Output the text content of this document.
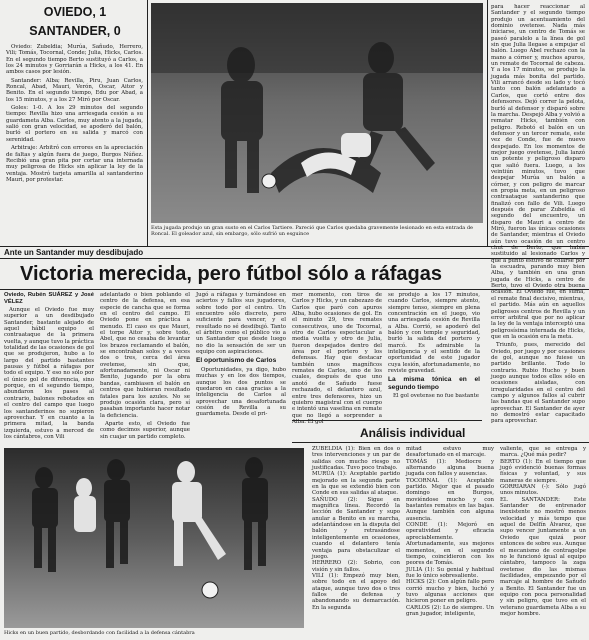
OVIEDO, 1
SANTANDER, 0

Oviedo: Zubeldia; Murúa, Sañudo, Herrero, Vili; Tomás, Tocornal, Conde; Julia, Hicks, Carlos. En el segundo tiempo Berto sustituyó a Carlos, a los 24 minutos y Gorriarán a Hicks, a los 41. En ambos casos por lesión.

Santander: Alba; Revilla, Piru, Juan Carlos, Roncal, Abad, Mauri, Verón, Oscar, Aitor y Benito. En el segundo tiempo, Edu por Abad, a los 15 minutos, y a los 27 Miró por Oscar.

Goles: 1-0. A los 29 minutos del segundo tiempo: Revilla hizo una arriesgada cesión a su guardameta Alba. Carlos, muy atento a la jugada, salió con gran velocidad, se apoderó del balón, burló el portero en su salida y marcó con serenidad.

Arbitraje: Arbitró con errores en la apreciación de faltas y algún fuera de juego, Burgos Núñez. Recibió una gran pita por cortar una internada muy peligrosa de Hicks sin aplicar la ley de la ventaja. Mostró tarjeta amarilla al santanderino Mauri, por protestar.

Esta jugada produjo un gran susto en el Carlos Tartiere. Pareció que Carlos quedaba gravemente lesionado en esta entrada de Roncal. El goleador azul, sin embargo, sólo sufrió un esguince

para hacer reaccionar al Santander y el segundo tiempo produjo un acentuamiento del dominio ovetense. Nada más iniciarse, un centro de Tomás se paseó paralelo a la línea de gol sin que Julia llegase a empujar el balón. Luego Abel rechazó con la mano a córner y, muchos apuros, un remate de Tocornal de cabeza. Y a los 17 minutos, se produjo la jugada más bonita del partido. Vili arrancó desde su lado y tocó tanto con balón adelantado a Carlos, que cortó entre dos defensores. Dejó correr la pelota, burló al defensor y disparó sobre la marcha. Despejó Alba y volvió a rematar Hicks, también con peligro. Rebotó el balón en un defensor y un tercer remate, este vez de Conde, fue de nuevo despejado. En los momentos de mejor juego ovetense, Julia lanzó un potente y peligroso disparo que salió fuera. Luego, a los veintiún minutos, tuvo que despejar Murúa un balón a córner, y con peligro de marcar en propia meta, en un peligroso contraataque santanderino que finalizó con fallo de Vili. Luego después de parar Zubeldía el segundo del encuentro, un disparo de Mauri a centro de Miró, fueron las únicas ocasiones de Santander, mientras el Oviedo aún tuvo ocasión de un centro chut de Berto, que había sustituido al lesionado Carlos y que a punto estuvo de colarse por la escuadra, parando muy bien Alba, y también en una gran jugada de Hicks, a centro de Berto, tuvo el Oviedo otra buena ocasión. El Oviedo fue, en suma, el remate final decisivo, mientras, el partido. Más aún en aquellos peligrosos centros de Revilla y un error arbitral que por no aplicar la ley de la ventaja interceptó una peligrosísima internada de Hicks, que en la ocasión era la meta.

Triunfo, pues, merecido del Oviedo, por juego y por ocasiones de gol, aunque no fuiese un partido brillante. Todo lo contrario. Rubio Hucho y buen juego aunque todos ellos sólo en ocasiones aisladas, con irregularidades en el centro del campo y algunos fallos al cubrir las bandas que el Santander supo aprovechar. El Santander de ayer no demostró estar capacitado para aprovechar.

Ante un Santander muy desdibujado
Victoria merecida, pero fútbol sólo a ráfagas

Oviedo, Rubén SUÁREZ y José VÉLEZ

Aunque el Oviedo fue muy superior a un desdibujado Santander, bastante alejado de aquel hábil equipo el contraataque de la primera vuelta, y aunque tuvo la práctica totalidad de las ocasiones de gol que se produjeron, hubo a lo largo del partido bastantes pausas y fútbol a ráfagas por todo el equipo. Y eso no sólo por el único gol de diferencia, sino porque, en el segundo tiempo, abundaron los pases al contrario, balones rebotados en el centro del campo que luego los santanderinos no supieron aprovechar. Y en cuanto a la primera mitad, la banda izquierda, estuvo a merced de los cántabros, con Vili

adelantado o bien poblando el centro de la defensa, en esa especie de cancha que se forma en el centro del campo. El Oviedo pone en práctica a menudo. El caso es que Mauri, el torpe Aitor y, sobre todo, Abel, que no cesaba de levantar los brazos reclamando el balón, se encontraban solos y a veces dos o tres, cerca del área ovetense, sin que, afortunadamente, ni Oscar ni Benito, jugando por la obra bandas, cambiasen el balón en centros que hubieran resultado fatales para los azules. No se produjo ocasión clara, pero sí pasaban importante hacer notar la deficiencia.

Aparte esto, el Oviedo fue como decimos superior, aunque sin cuajar un partido completo.

Jugó a ráfagas y turnándose en aciertos y fallos sus jugadores, sobre todo por el centro. Un encuentro sólo discreto, pero suficiente para vencer, y el resultado no sé desdibujó. Tanto el árbitro como el público vio a un Santander que desde luego no dio la sensación de ser un equipo con aspiraciones.

El oportunismo de Carlos

Oportunidades, ya digo, hubo muchas y en los dos tiempos, aunque los dos puntos se quedaron en casa gracias a la inteligencia de Carlos al aprovechar una desafortunada cesión de Revilla a su guardameta. Desde el pri-

mer momento, con tiros de Carlos y Hicks, y un cabezazo de Carlos que paró con apuros Alba, hubo ocasiones de gol. En el minuto 29, tres remates consecutivos, uno de Tocornal, otro de Carlos espectacular a media vuelta y otro de Julia, fueron despejados dentro del área por el portero y los defensas. Hay que destacar también unos magníficos remates de Carlos, uno de los cuales, después de que uno anotó de Sañudo fuese rechazado, el delantero azul, entre tres defensores, hizo un quiebro magistral con el cuerpo e intentó una vaselina en remate que no llegó a sorprender a Alba. El gol

se produjo a los 17 minutos, cuando Carlos, siempre atento, siempre tenso, siempre en plena concentración en el juego, vio una arriesgada cesión de Revilla a Alba. Corrió, se apoderó del balón y con temple y seguridad, burló la salida del portero y marcó. Es admirable la inteligencia y el sentido de la oportunidad de este jugador cuya lesión, afortunadamente, no reviste gravedad.

La misma tónica en el segundo tiempo

El gol ovetense no fue bastante

Análisis individual
ZUBELDIA (1): Bien en dos o tres intervenciones y un par de salidas con mucho riesgo no justificadas. Tuvo poco trabajo.
MURÚA (1): Aceptable partido mejorado en la segunda parte en la que se extendió bien con Conde en sus salidas al ataque.
SAÑUDO (2): Sigue en magnífica línea. Recordó la lección de Santander y supo anular a Benito en su marcha, adelantándose en la disputa del balón y retrasándose inteligentemente en ocasiones, cuando el delantero tenía ventaja para obstaculizar el juego.
HERRERO (2): Sobrio, con visión y sin fallos.
VILI (1): Empezó muy bien, sobre todo en el apoyo del ataque, aunque tuvo dos o tres fallos de defensa y abandonando su demarcación. En la segunda
mitad estuvo muy desafortunado en el marcaje.
TOMÁS (1): Mediocre y alternando alguna buena jugada con fallos y ausencias.
TOCORNAL (1): Aceptable partido. Mejor que el pasado domingo en Burgos, moviéndose mucho y con bastantes remates en las bajas. Aunque también con alguna ausencia.
CONDE (1): Mejoró en operatividad y eficacia apreciablemente. Afortunadamente, sus mejores momentos, en el segundo tiempo, coincidieron con los peores de Tomás.
JULIA (1): Su genial y habitual fue lo único sobresaliente.
HICKS (2): Con algún fallo pero corrió mucho y bien, luchó y tuvo algunas acciones que hicieron poner en peligro.
CARLOS (2): Lo de siempre. Un gran jugador, inteligente,
valiente, que se entrega y marca. ¿Qué más pedir?
BERTO (1): En el tiempo que jugó evidenció buenas formas físicas y voluntad, y sus maneras de siempre.
GORRIARAN (-): Sólo jugó unos minutos.
EL SANTANDER: Este Santander de entrenador inexistente no mostró menos velocidad y más tempo que aquel de Delfín Álvarez, que supo vencer juntamente a un Oviedo que quizá peor entonces de sobre sus. Aunque el mecanismo de contragolpe no le funcionó igual al equipo cántabro, tampoco la zaga ovetense dio las mismas facilidades, empezando por el marcaje al hombre de Sañudo a Benito. El Santander fue un equipo con poca personalidad y sin peligro, que tuvo en el veterano guardameta Alba a su mejor hombre.
Hicks en un buen partido, desbordando con facilidad a la defensa cántabra
